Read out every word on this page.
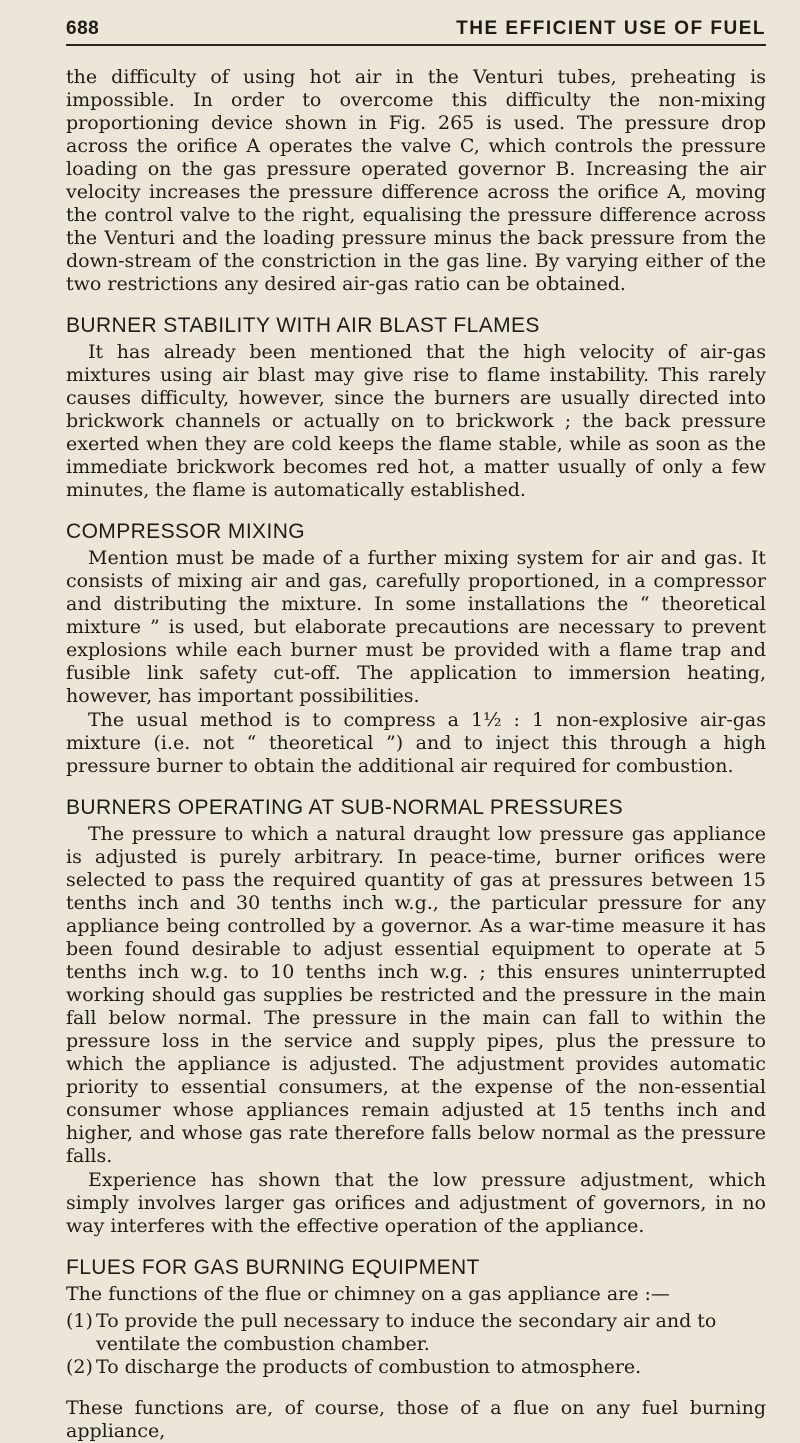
688	THE EFFICIENT USE OF FUEL

the difficulty of using hot air in the Venturi tubes, preheating is impossible. In order to overcome this difficulty the non-mixing proportioning device shown in Fig. 265 is used. The pressure drop across the orifice A operates the valve C, which controls the pressure loading on the gas pressure operated governor B. Increasing the air velocity increases the pressure difference across the orifice A, moving the control valve to the right, equalising the pressure difference across the Venturi and the loading pressure minus the back pressure from the down-stream of the constriction in the gas line. By varying either of the two restrictions any desired air-gas ratio can be obtained.

BURNER STABILITY WITH AIR BLAST FLAMES

It has already been mentioned that the high velocity of air-gas mixtures using air blast may give rise to flame instability. This rarely causes difficulty, however, since the burners are usually directed into brickwork channels or actually on to brickwork ; the back pressure exerted when they are cold keeps the flame stable, while as soon as the immediate brickwork becomes red hot, a matter usually of only a few minutes, the flame is automatically established.

COMPRESSOR MIXING

Mention must be made of a further mixing system for air and gas. It consists of mixing air and gas, carefully proportioned, in a compressor and distributing the mixture. In some installations the “ theoretical mixture ” is used, but elaborate precautions are necessary to prevent explosions while each burner must be provided with a flame trap and fusible link safety cut-off. The application to immersion heating, however, has important possibilities.

The usual method is to compress a 1½ : 1 non-explosive air-gas mixture (i.e. not “ theoretical ”) and to inject this through a high pressure burner to obtain the additional air required for combustion.

BURNERS OPERATING AT SUB-NORMAL PRESSURES

The pressure to which a natural draught low pressure gas appliance is adjusted is purely arbitrary. In peace-time, burner orifices were selected to pass the required quantity of gas at pressures between 15 tenths inch and 30 tenths inch w.g., the particular pressure for any appliance being controlled by a governor. As a war-time measure it has been found desirable to adjust essential equipment to operate at 5 tenths inch w.g. to 10 tenths inch w.g. ; this ensures uninterrupted working should gas supplies be restricted and the pressure in the main fall below normal. The pressure in the main can fall to within the pressure loss in the service and supply pipes, plus the pressure to which the appliance is adjusted. The adjustment provides automatic priority to essential consumers, at the expense of the non-essential consumer whose appliances remain adjusted at 15 tenths inch and higher, and whose gas rate therefore falls below normal as the pressure falls.

Experience has shown that the low pressure adjustment, which simply involves larger gas orifices and adjustment of governors, in no way interferes with the effective operation of the appliance.

FLUES FOR GAS BURNING EQUIPMENT

The functions of the flue or chimney on a gas appliance are :—

(1) To provide the pull necessary to induce the secondary air and to ventilate the combustion chamber.
(2) To discharge the products of combustion to atmosphere.

These functions are, of course, those of a flue on any fuel burning appliance,
